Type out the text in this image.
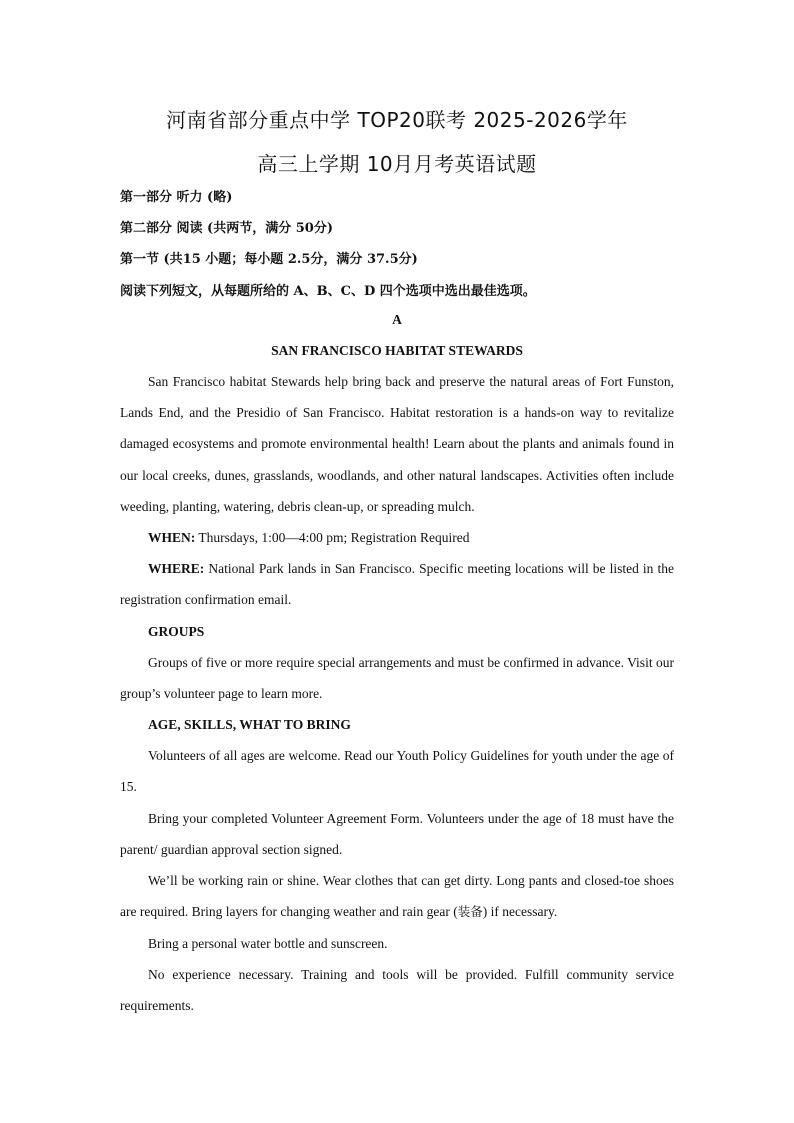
河南省部分重点中学 TOP20联考 2025-2026学年
高三上学期 10月月考英语试题
第一部分 听力 (略)
第二部分 阅读 (共两节，满分 50分)
第一节 (共15 小题；每小题 2.5分，满分 37.5分)
阅读下列短文，从每题所给的 A、B、C、D 四个选项中选出最佳选项。
A
SAN FRANCISCO HABITAT STEWARDS
San Francisco habitat Stewards help bring back and preserve the natural areas of Fort Funston, Lands End, and the Presidio of San Francisco. Habitat restoration is a hands-on way to revitalize damaged ecosystems and promote environmental health! Learn about the plants and animals found in our local creeks, dunes, grasslands, woodlands, and other natural landscapes. Activities often include weeding, planting, watering, debris clean-up, or spreading mulch.
WHEN: Thursdays, 1:00—4:00 pm; Registration Required
WHERE: National Park lands in San Francisco. Specific meeting locations will be listed in the registration confirmation email.
GROUPS
Groups of five or more require special arrangements and must be confirmed in advance. Visit our group’s volunteer page to learn more.
AGE, SKILLS, WHAT TO BRING
Volunteers of all ages are welcome. Read our Youth Policy Guidelines for youth under the age of 15.
Bring your completed Volunteer Agreement Form. Volunteers under the age of 18 must have the parent/ guardian approval section signed.
We’ll be working rain or shine. Wear clothes that can get dirty. Long pants and closed-toe shoes are required. Bring layers for changing weather and rain gear (装备) if necessary.
Bring a personal water bottle and sunscreen.
No experience necessary. Training and tools will be provided. Fulfill community service requirements.
